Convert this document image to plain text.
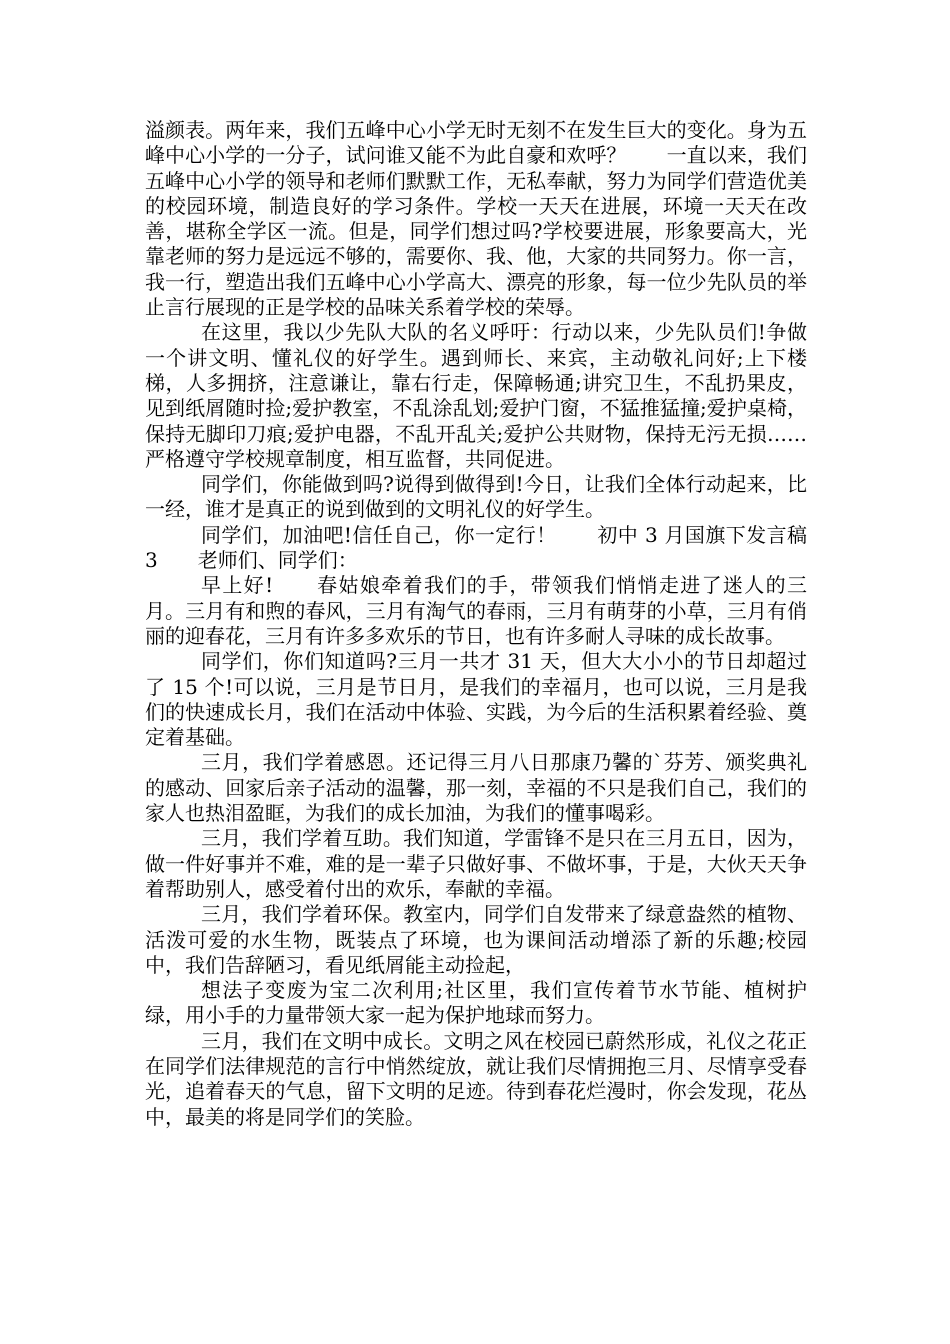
溢颜表。两年来，我们五峰中心小学无时无刻不在发生巨大的变化。身为五峰中心小学的一分子，试问谁又能不为此自豪和欢呼？　　一直以来，我们五峰中心小学的领导和老师们默默工作，无私奉献，努力为同学们营造优美的校园环境，制造良好的学习条件。学校一天天在进展，环境一天天在改善，堪称全学区一流。但是，同学们想过吗?学校要进展，形象要高大，光靠老师的努力是远远不够的，需要你、我、他，大家的共同努力。你一言，我一行，塑造出我们五峰中心小学高大、漂亮的形象，每一位少先队员的举止言行展现的正是学校的品味关系着学校的荣辱。

在这里，我以少先队大队的名义呼吁：行动以来，少先队员们!争做一个讲文明、懂礼仪的好学生。遇到师长、来宾，主动敬礼问好;上下楼梯，人多拥挤，注意谦让，靠右行走，保障畅通;讲究卫生，不乱扔果皮，见到纸屑随时捡;爱护教室，不乱涂乱划;爱护门窗，不猛推猛撞;爱护桌椅，保持无脚印刀痕;爱护电器，不乱开乱关;爱护公共财物，保持无污无损……严格遵守学校规章制度，相互监督，共同促进。

同学们，你能做到吗?说得到做得到!今日，让我们全体行动起来，比一经，谁才是真正的说到做到的文明礼仪的好学生。

同学们，加油吧!信任自己，你一定行！　　初中 3 月国旗下发言稿 3　　老师们、同学们：

早上好!　　春姑娘牵着我们的手，带领我们悄悄走进了迷人的三月。三月有和煦的春风，三月有淘气的春雨，三月有萌芽的小草，三月有俏丽的迎春花，三月有许多多欢乐的节日，也有许多耐人寻味的成长故事。

同学们，你们知道吗?三月一共才 31 天，但大大小小的节日却超过了 15 个!可以说，三月是节日月，是我们的幸福月，也可以说，三月是我们的快速成长月，我们在活动中体验、实践，为今后的生活积累着经验、奠定着基础。

三月，我们学着感恩。还记得三月八日那康乃馨的`芬芳、颁奖典礼的感动、回家后亲子活动的温馨，那一刻，幸福的不只是我们自己，我们的家人也热泪盈眶，为我们的成长加油，为我们的懂事喝彩。

三月，我们学着互助。我们知道，学雷锋不是只在三月五日，因为，做一件好事并不难，难的是一辈子只做好事、不做坏事，于是，大伙天天争着帮助别人，感受着付出的欢乐，奉献的幸福。

三月，我们学着环保。教室内，同学们自发带来了绿意盎然的植物、活泼可爱的水生物，既装点了环境，也为课间活动增添了新的乐趣;校园中，我们告辞陋习，看见纸屑能主动捡起，

想法子变废为宝二次利用;社区里，我们宣传着节水节能、植树护绿，用小手的力量带领大家一起为保护地球而努力。

三月，我们在文明中成长。文明之风在校园已蔚然形成，礼仪之花正在同学们法律规范的言行中悄然绽放，就让我们尽情拥抱三月、尽情享受春光，追着春天的气息，留下文明的足迹。待到春花烂漫时，你会发现，花丛中，最美的将是同学们的笑脸。
